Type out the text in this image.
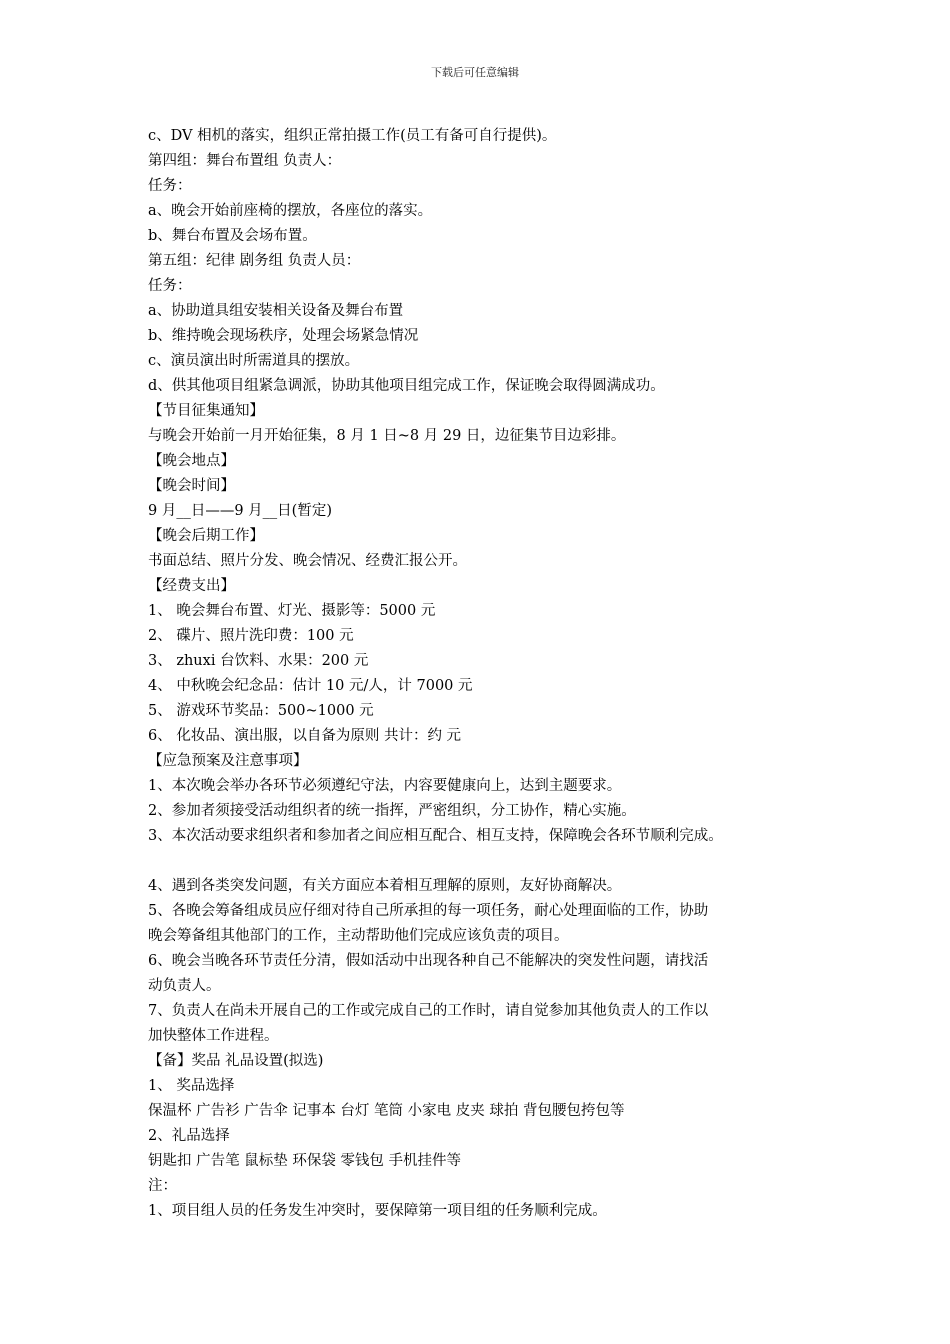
下载后可任意编辑
c、DV 相机的落实，组织正常拍摄工作(员工有备可自行提供)。
第四组：舞台布置组 负责人：
任务：
a、晚会开始前座椅的摆放，各座位的落实。
b、舞台布置及会场布置。
第五组：纪律 剧务组 负责人员：
任务：
a、协助道具组安装相关设备及舞台布置
b、维持晚会现场秩序，处理会场紧急情况
c、演员演出时所需道具的摆放。
d、供其他项目组紧急调派，协助其他项目组完成工作，保证晚会取得圆满成功。
【节目征集通知】
与晚会开始前一月开始征集，8 月 1 日~8 月 29 日，边征集节目边彩排。
【晚会地点】
【晚会时间】
9 月__日——9 月__日(暂定)
【晚会后期工作】
书面总结、照片分发、晚会情况、经费汇报公开。
【经费支出】
1、 晚会舞台布置、灯光、摄影等：5000 元
2、 碟片、照片洗印费：100 元
3、 zhuxi 台饮料、水果：200 元
4、 中秋晚会纪念品：估计 10 元/人，计 7000 元
5、 游戏环节奖品：500~1000 元
6、 化妆品、演出服，以自备为原则 共计：约 元
【应急预案及注意事项】
1、本次晚会举办各环节必须遵纪守法，内容要健康向上，达到主题要求。
2、参加者须接受活动组织者的统一指挥，严密组织，分工协作，精心实施。
3、本次活动要求组织者和参加者之间应相互配合、相互支持，保障晚会各环节顺利完成。
4、遇到各类突发问题，有关方面应本着相互理解的原则，友好协商解决。
5、各晚会筹备组成员应仔细对待自己所承担的每一项任务，耐心处理面临的工作，协助
晚会筹备组其他部门的工作，主动帮助他们完成应该负责的项目。
6、晚会当晚各环节责任分清，假如活动中出现各种自己不能解决的突发性问题，请找活
动负责人。
7、负责人在尚未开展自己的工作或完成自己的工作时，请自觉参加其他负责人的工作以
加快整体工作进程。
【备】奖品 礼品设置(拟选)
1、 奖品选择
保温杯 广告衫 广告伞 记事本 台灯 笔筒 小家电 皮夹 球拍 背包腰包挎包等
2、礼品选择
钥匙扣 广告笔 鼠标垫 环保袋 零钱包 手机挂件等
注：
1、项目组人员的任务发生冲突时，要保障第一项目组的任务顺利完成。
